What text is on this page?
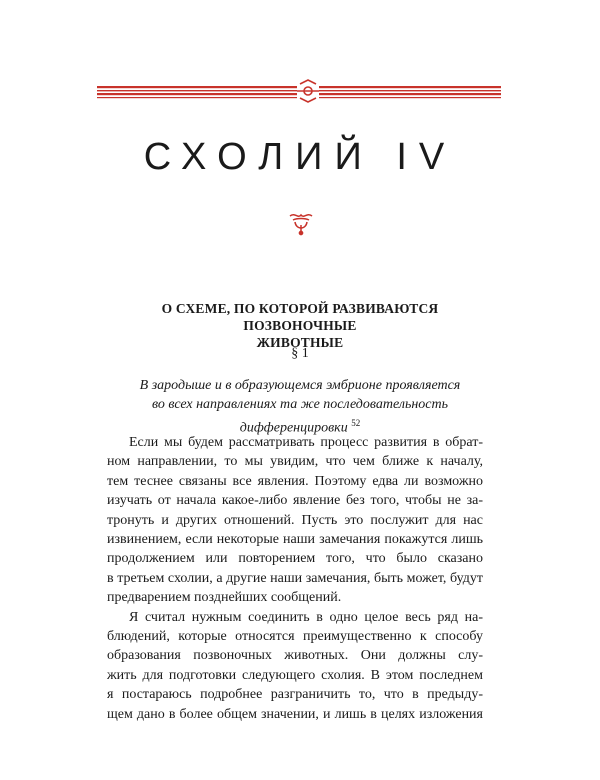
СХОЛИЙ IV
О СХЕМЕ, ПО КОТОРОЙ РАЗВИВАЮТСЯ ПОЗВОНОЧНЫЕ
ЖИВОТНЫЕ
§ 1
В зародыше и в образующемся эмбрионе проявляется
во всех направлениях та же последовательность
дифференцировки $^{52}$
Если мы будем рассматривать процесс развития в обрат-
ном направлении, то мы увидим, что чем ближе к началу,
тем теснее связаны все явления. Поэтому едва ли возможно
изучать от начала какое-либо явление без того, чтобы не за-
тронуть и других отношений. Пусть это послужит для нас
извинением, если некоторые наши замечания покажутся лишь
продолжением или повторением того, что было сказано
в третьем схолии, а другие наши замечания, быть может, будут
предварением позднейших сообщений.
Я считал нужным соединить в одно целое весь ряд на-
блюдений, которые относятся преимущественно к способу
образования позвоночных животных. Они должны слу-
жить для подготовки следующего схолия. В этом последнем
я постараюсь подробнее разграничить то, что в предыду-
щем дано в более общем значении, и лишь в целях изложения
